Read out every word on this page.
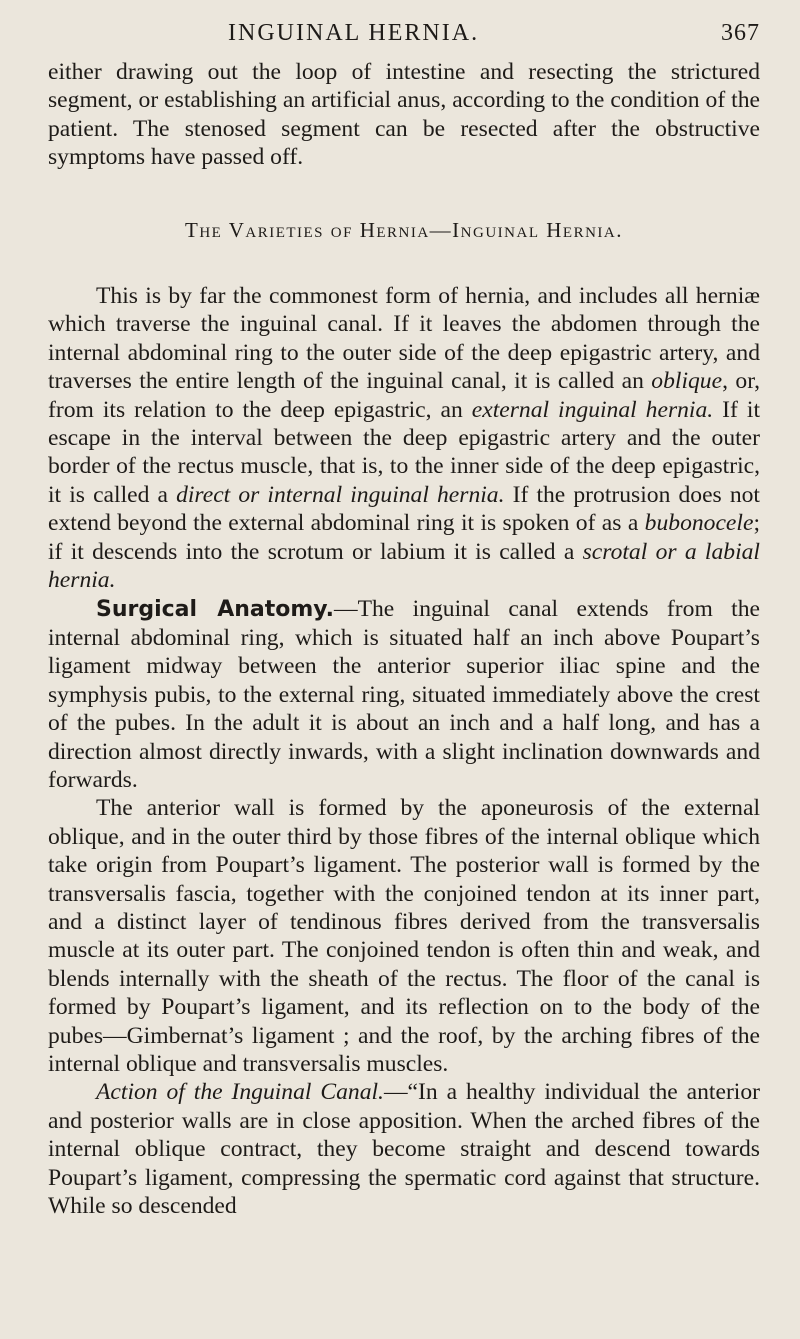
INGUINAL HERNIA.	367

either drawing out the loop of intestine and resecting the strictured segment, or establishing an artificial anus, according to the condition of the patient. The stenosed segment can be resected after the obstructive symptoms have passed off.

The Varieties of Hernia—Inguinal Hernia.

This is by far the commonest form of hernia, and includes all herniæ which traverse the inguinal canal. If it leaves the abdomen through the internal abdominal ring to the outer side of the deep epigastric artery, and traverses the entire length of the inguinal canal, it is called an oblique, or, from its relation to the deep epigastric, an external inguinal hernia. If it escape in the interval between the deep epigastric artery and the outer border of the rectus muscle, that is, to the inner side of the deep epigastric, it is called a direct or internal inguinal hernia. If the protrusion does not extend beyond the external abdominal ring it is spoken of as a bubonocele; if it descends into the scrotum or labium it is called a scrotal or a labial hernia.

Surgical Anatomy.—The inguinal canal extends from the internal abdominal ring, which is situated half an inch above Poupart’s ligament midway between the anterior superior iliac spine and the symphysis pubis, to the external ring, situated immediately above the crest of the pubes. In the adult it is about an inch and a half long, and has a direction almost directly inwards, with a slight inclination downwards and forwards.

The anterior wall is formed by the aponeurosis of the external oblique, and in the outer third by those fibres of the internal oblique which take origin from Poupart’s ligament. The posterior wall is formed by the transversalis fascia, together with the conjoined tendon at its inner part, and a distinct layer of tendinous fibres derived from the transversalis muscle at its outer part. The conjoined tendon is often thin and weak, and blends internally with the sheath of the rectus. The floor of the canal is formed by Poupart’s ligament, and its reflection on to the body of the pubes—Gimbernat’s ligament ; and the roof, by the arching fibres of the internal oblique and transversalis muscles.

Action of the Inguinal Canal.—“In a healthy individual the anterior and posterior walls are in close apposition. When the arched fibres of the internal oblique contract, they become straight and descend towards Poupart’s ligament, compressing the spermatic cord against that structure. While so descended
